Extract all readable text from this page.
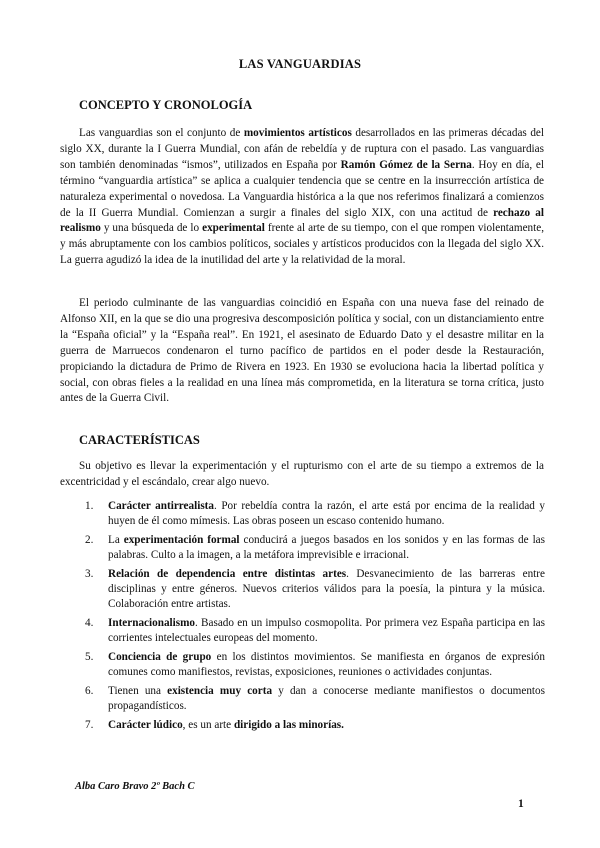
LAS VANGUARDIAS
CONCEPTO Y CRONOLOGÍA
Las vanguardias son el conjunto de movimientos artísticos desarrollados en las primeras décadas del siglo XX, durante la I Guerra Mundial, con afán de rebeldía y de ruptura con el pasado. Las vanguardias son también denominadas “ismos”, utilizados en España por Ramón Gómez de la Serna. Hoy en día, el término “vanguardia artística” se aplica a cualquier tendencia que se centre en la insurrección artística de naturaleza experimental o novedosa. La Vanguardia histórica a la que nos referimos finalizará a comienzos de la II Guerra Mundial. Comienzan a surgir a finales del siglo XIX, con una actitud de rechazo al realismo y una búsqueda de lo experimental frente al arte de su tiempo, con el que rompen violentamente, y más abruptamente con los cambios políticos, sociales y artísticos producidos con la llegada del siglo XX. La guerra agudizó la idea de la inutilidad del arte y la relatividad de la moral.
El periodo culminante de las vanguardias coincidió en España con una nueva fase del reinado de Alfonso XII, en la que se dio una progresiva descomposición política y social, con un distanciamiento entre la “España oficial” y la “España real”. En 1921, el asesinato de Eduardo Dato y el desastre militar en la guerra de Marruecos condenaron el turno pacífico de partidos en el poder desde la Restauración, propiciando la dictadura de Primo de Rivera en 1923. En 1930 se evoluciona hacia la libertad política y social, con obras fieles a la realidad en una línea más comprometida, en la literatura se torna crítica, justo antes de la Guerra Civil.
CARACTERÍSTICAS
Su objetivo es llevar la experimentación y el rupturismo con el arte de su tiempo a extremos de la excentricidad y el escándalo, crear algo nuevo.
1. Carácter antirrealista. Por rebeldía contra la razón, el arte está por encima de la realidad y huyen de él como mímesis. Las obras poseen un escaso contenido humano.
2. La experimentación formal conducirá a juegos basados en los sonidos y en las formas de las palabras. Culto a la imagen, a la metáfora imprevisible e irracional.
3. Relación de dependencia entre distintas artes. Desvanecimiento de las barreras entre disciplinas y entre géneros. Nuevos criterios válidos para la poesía, la pintura y la música. Colaboración entre artistas.
4. Internacionalismo. Basado en un impulso cosmopolita. Por primera vez España participa en las corrientes intelectuales europeas del momento.
5. Conciencia de grupo en los distintos movimientos. Se manifiesta en órganos de expresión comunes como manifiestos, revistas, exposiciones, reuniones o actividades conjuntas.
6. Tienen una existencia muy corta y dan a conocerse mediante manifiestos o documentos propagandísticos.
7. Carácter lúdico, es un arte dirigido a las minorías.
Alba Caro Bravo 2º Bach C
1
